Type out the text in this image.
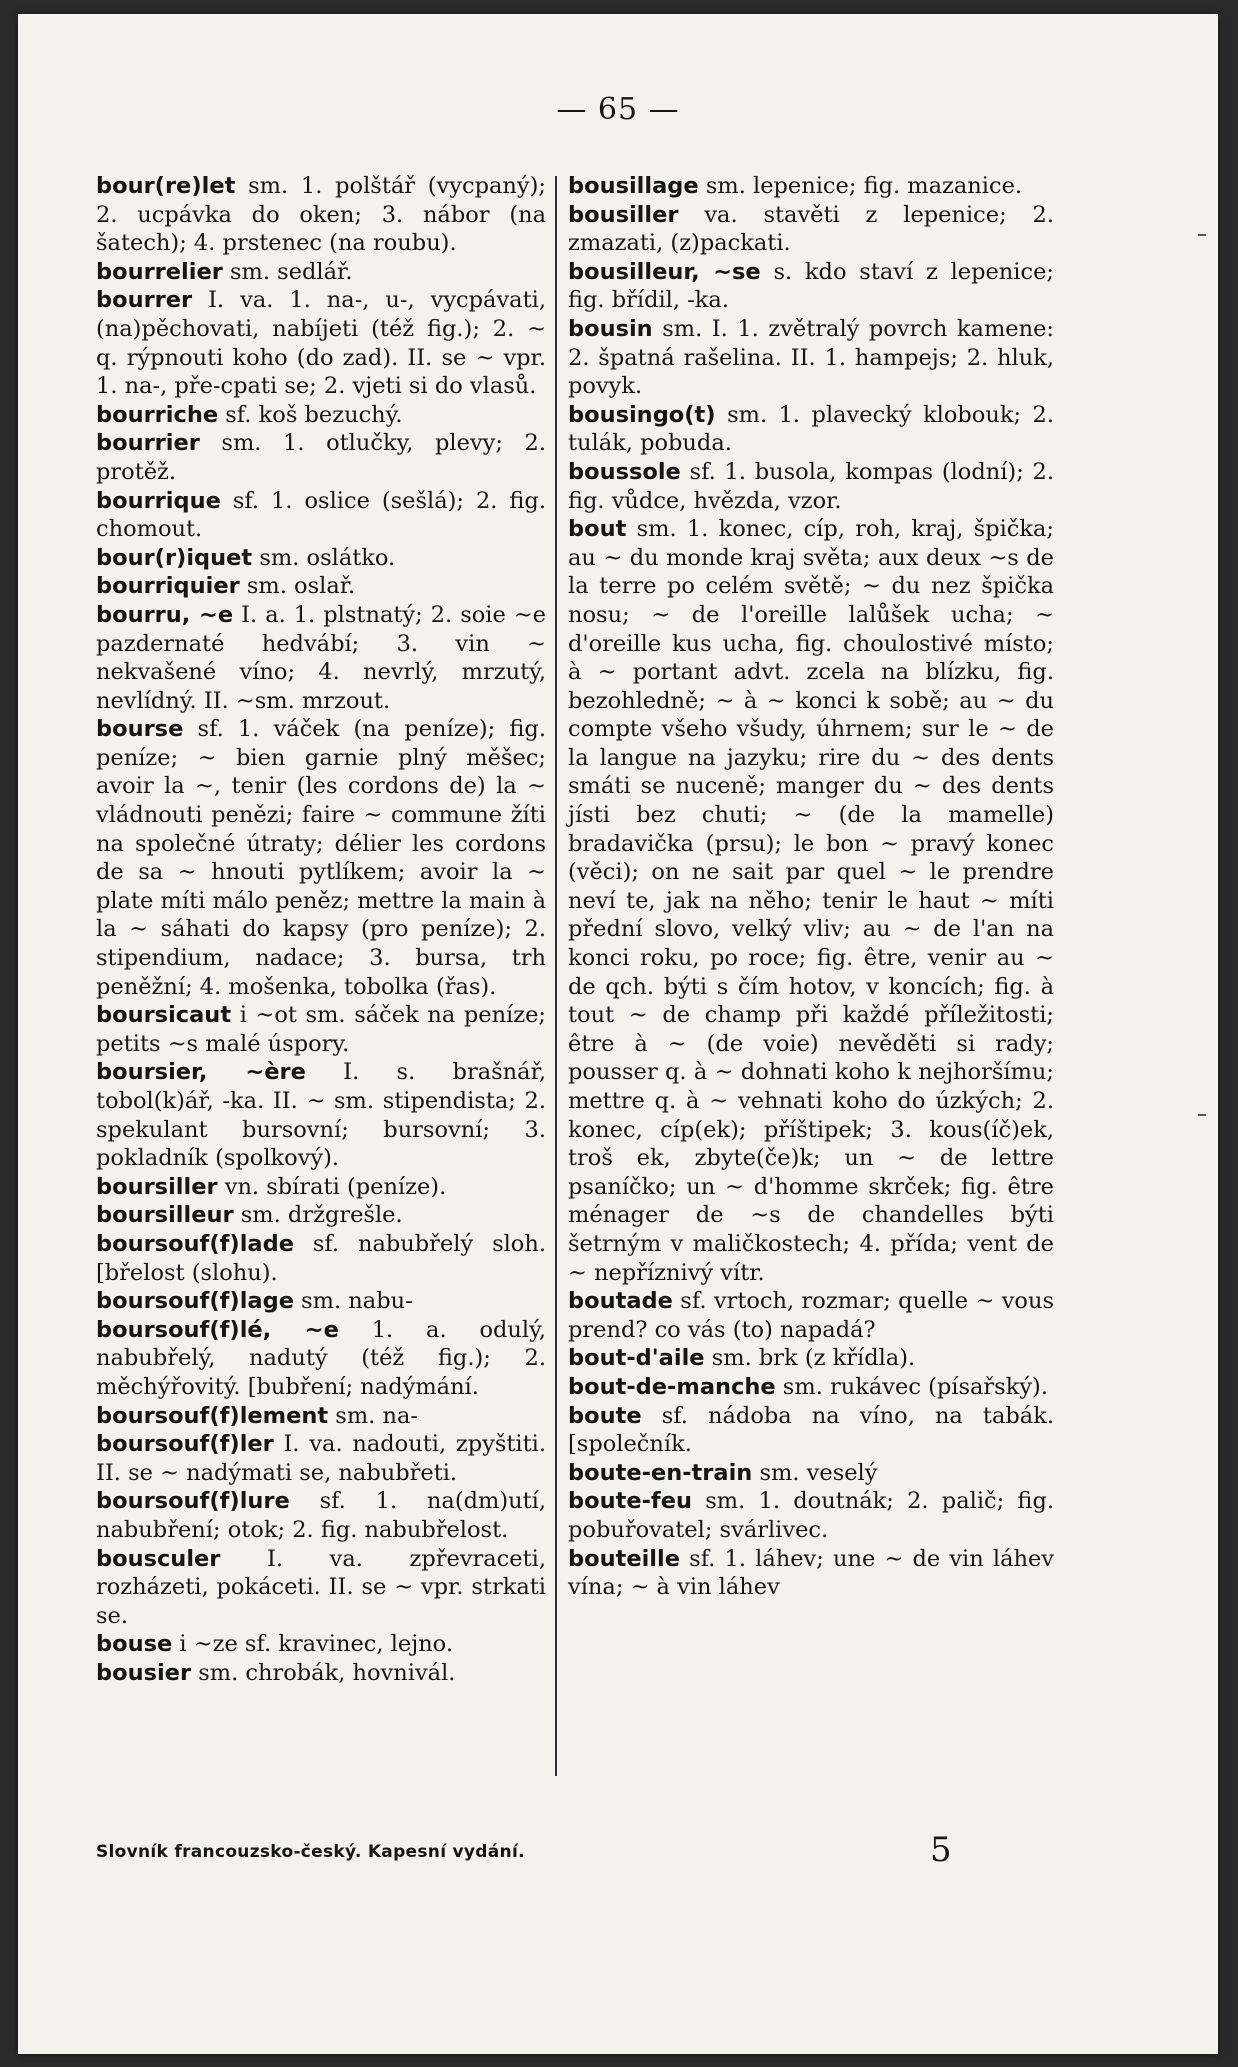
— 65 —

bour(re)let sm. 1. polštář (vycpaný); 2. ucpávka do oken; 3. nábor (na šatech); 4. prstenec (na roubu).

bourrelier sm. sedlář.

bourrer I. va. 1. na-, u-, vycpávati, (na)pěchovati, nabíjeti (též fig.); 2. ~ q. rýpnouti koho (do zad). II. se ~ vpr. 1. na-, pře-cpati se; 2. vjeti si do vlasů.

bourriche sf. koš bezuchý.

bourrier sm. 1. otlučky, plevy; 2. protěž.

bourrique sf. 1. oslice (sešlá); 2. fig. chomout.

bour(r)iquet sm. oslátko.

bourriquier sm. oslař.

bourru, ~e I. a. 1. plstnatý; 2. soie ~e pazdernaté hedvábí; 3. vin ~ nekvašené víno; 4. nevrlý, mrzutý, nevlídný. II. ~sm. mrzout.

bourse sf. 1. váček (na peníze); fig. peníze; ~ bien garnie plný měšec; avoir la ~, tenir (les cordons de) la ~ vládnouti penězi; faire ~ commune žíti na společné útraty; délier les cordons de sa ~ hnouti pytlíkem; avoir la ~ plate míti málo peněz; mettre la main à la ~ sáhati do kapsy (pro peníze); 2. stipendium, nadace; 3. bursa, trh peněžní; 4. mošenka, tobolka (řas).

boursicaut i ~ot sm. sáček na peníze; petits ~s malé úspory.

boursier, ~ère I. s. brašnář, tobol(k)ář, -ka. II. ~ sm. stipendista; 2. spekulant bursovní; bursovní; 3. pokladník (spolkový).

boursiller vn. sbírati (peníze).

boursilleur sm. držgrešle.

boursouf(f)lade sf. nabubřelý sloh. [břelost (slohu).

boursouf(f)lage sm. nabu-

boursouf(f)lé, ~e 1. a. odulý, nabubřelý, nadutý (též fig.); 2. měchýřovitý. [bubření; nadýmání.

boursouf(f)lement sm. na-

boursouf(f)ler I. va. nadouti, zpyštiti. II. se ~ nadýmati se, nabubřeti.

boursouf(f)lure sf. 1. na(dm)utí, nabubření; otok; 2. fig. nabubřelost.

bousculer I. va. zpřevraceti, rozházeti, pokáceti. II. se ~ vpr. strkati se.

bouse i ~ze sf. kravinec, lejno.

bousier sm. chrobák, hovnivál.

bousillage sm. lepenice; fig. mazanice.

bousiller va. stavěti z lepenice; 2. zmazati, (z)packati.

bousilleur, ~se s. kdo staví z lepenice; fig. břídil, -ka.

bousin sm. I. 1. zvětralý povrch kamene: 2. špatná rašelina. II. 1. hampejs; 2. hluk, povyk.

bousingo(t) sm. 1. plavecký klobouk; 2. tulák, pobuda.

boussole sf. 1. busola, kompas (lodní); 2. fig. vůdce, hvězda, vzor.

bout sm. 1. konec, cíp, roh, kraj, špička; au ~ du monde kraj světa; aux deux ~s de la terre po celém světě; ~ du nez špička nosu; ~ de l'oreille lalůšek ucha; ~ d'oreille kus ucha, fig. choulostivé místo; à ~ portant advt. zcela na blízku, fig. bezohledně; ~ à ~ konci k sobě; au ~ du compte všeho všudy, úhrnem; sur le ~ de la langue na jazyku; rire du ~ des dents smáti se nuceně; manger du ~ des dents jísti bez chuti; ~ (de la mamelle) bradavička (prsu); le bon ~ pravý konec (věci); on ne sait par quel ~ le prendre neví te, jak na něho; tenir le haut ~ míti přední slovo, velký vliv; au ~ de l'an na konci roku, po roce; fig. être, venir au ~ de qch. býti s čím hotov, v koncích; fig. à tout ~ de champ při každé příležitosti; être à ~ (de voie) nevěděti si rady; pousser q. à ~ dohnati koho k nejhoršímu; mettre q. à ~ vehnati koho do úzkých; 2. konec, cíp(ek); příštipek; 3. kous(íč)ek, troš ek, zbyte(če)k; un ~ de lettre psaníčko; un ~ d'homme skrček; fig. être ménager de ~s de chandelles býti šetrným v maličkostech; 4. přída; vent de ~ nepříznivý vítr.

boutade sf. vrtoch, rozmar; quelle ~ vous prend? co vás (to) napadá?

bout-d'aile sm. brk (z křídla).

bout-de-manche sm. rukávec (písařský).

boute sf. nádoba na víno, na tabák. [společník.

boute-en-train sm. veselý

boute-feu sm. 1. doutnák; 2. palič; fig. pobuřovatel; svárlivec.

bouteille sf. 1. láhev; une ~ de vin láhev vína; ~ à vin láhev

Slovník francouzsko-český. Kapesní vydání.	5
